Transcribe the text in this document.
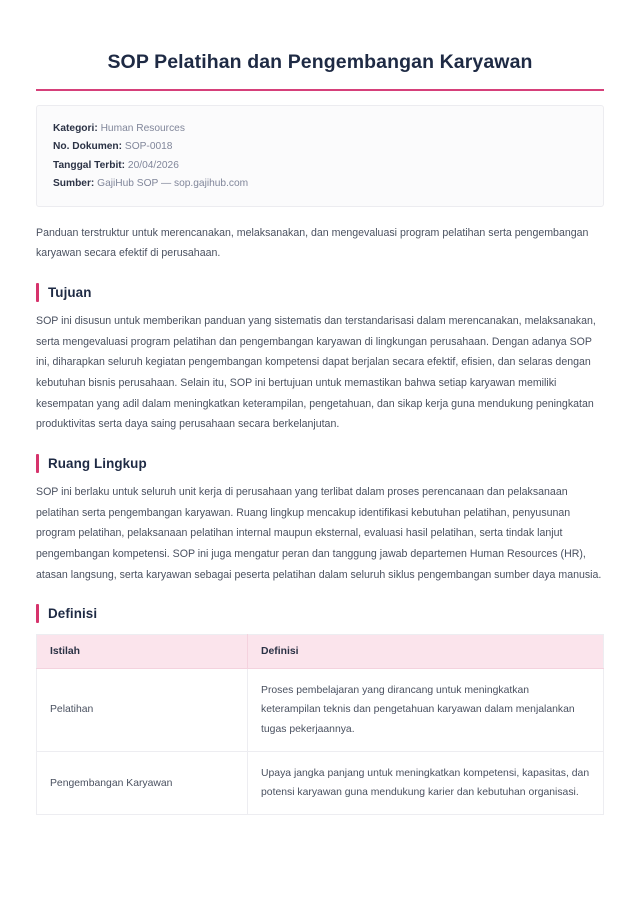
SOP Pelatihan dan Pengembangan Karyawan
Kategori: Human Resources
No. Dokumen: SOP-0018
Tanggal Terbit: 20/04/2026
Sumber: GajiHub SOP — sop.gajihub.com

Panduan terstruktur untuk merencanakan, melaksanakan, dan mengevaluasi program pelatihan serta pengembangan karyawan secara efektif di perusahaan.

Tujuan

SOP ini disusun untuk memberikan panduan yang sistematis dan terstandarisasi dalam merencanakan, melaksanakan, serta mengevaluasi program pelatihan dan pengembangan karyawan di lingkungan perusahaan. Dengan adanya SOP ini, diharapkan seluruh kegiatan pengembangan kompetensi dapat berjalan secara efektif, efisien, dan selaras dengan kebutuhan bisnis perusahaan. Selain itu, SOP ini bertujuan untuk memastikan bahwa setiap karyawan memiliki kesempatan yang adil dalam meningkatkan keterampilan, pengetahuan, dan sikap kerja guna mendukung peningkatan produktivitas serta daya saing perusahaan secara berkelanjutan.

Ruang Lingkup

SOP ini berlaku untuk seluruh unit kerja di perusahaan yang terlibat dalam proses perencanaan dan pelaksanaan pelatihan serta pengembangan karyawan. Ruang lingkup mencakup identifikasi kebutuhan pelatihan, penyusunan program pelatihan, pelaksanaan pelatihan internal maupun eksternal, evaluasi hasil pelatihan, serta tindak lanjut pengembangan kompetensi. SOP ini juga mengatur peran dan tanggung jawab departemen Human Resources (HR), atasan langsung, serta karyawan sebagai peserta pelatihan dalam seluruh siklus pengembangan sumber daya manusia.

Definisi
Istilah	Definisi
Pelatihan	Proses pembelajaran yang dirancang untuk meningkatkan keterampilan teknis dan pengetahuan karyawan dalam menjalankan tugas pekerjaannya.
Pengembangan Karyawan	Upaya jangka panjang untuk meningkatkan kompetensi, kapasitas, dan potensi karyawan guna mendukung karier dan kebutuhan organisasi.
